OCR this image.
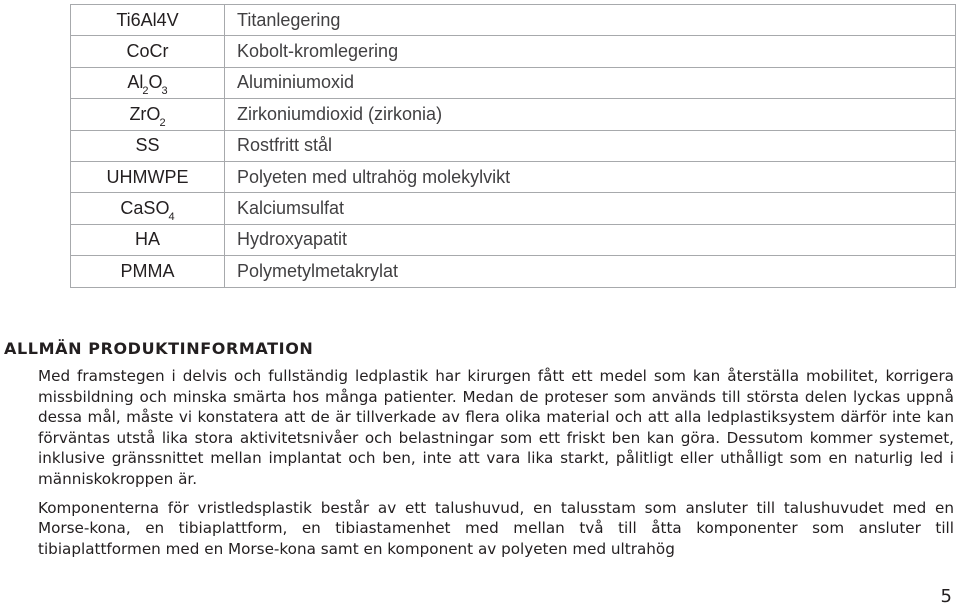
Ti6Al4V	Titanlegering
CoCr	Kobolt-kromlegering
$Al_2O_3$	Aluminiumoxid
ZrO$_2$	Zirkoniumdioxid (zirkonia)
SS	Rostfritt stål
UHMWPE	Polyeten med ultrahög molekylvikt
CaSO$_4$	Kalciumsulfat
HA	Hydroxyapatit
PMMA	Polymetylmetakrylat
ALLMÄN PRODUKTINFORMATION

Med framstegen i delvis och fullständig ledplastik har kirurgen fått ett medel som kan återställa mobilitet, korrigera missbildning och minska smärta hos många patienter. Medan de proteser som används till största delen lyckas uppnå dessa mål, måste vi konstatera att de är tillverkade av flera olika material och att alla ledplastiksystem därför inte kan förväntas utstå lika stora aktivitetsnivåer och belastningar som ett friskt ben kan göra. Dessutom kommer systemet, inklusive gränssnittet mellan implantat och ben, inte att vara lika starkt, pålitligt eller uthålligt som en naturlig led i människokroppen är.

Komponenterna för vristledsplastik består av ett talushuvud, en talusstam som ansluter till talushuvudet med en Morse-kona, en tibiaplattform, en tibiastamenhet med mellan två till åtta komponenter som ansluter till tibiaplattformen med en Morse-kona samt en komponent av polyeten med ultrahög

5
